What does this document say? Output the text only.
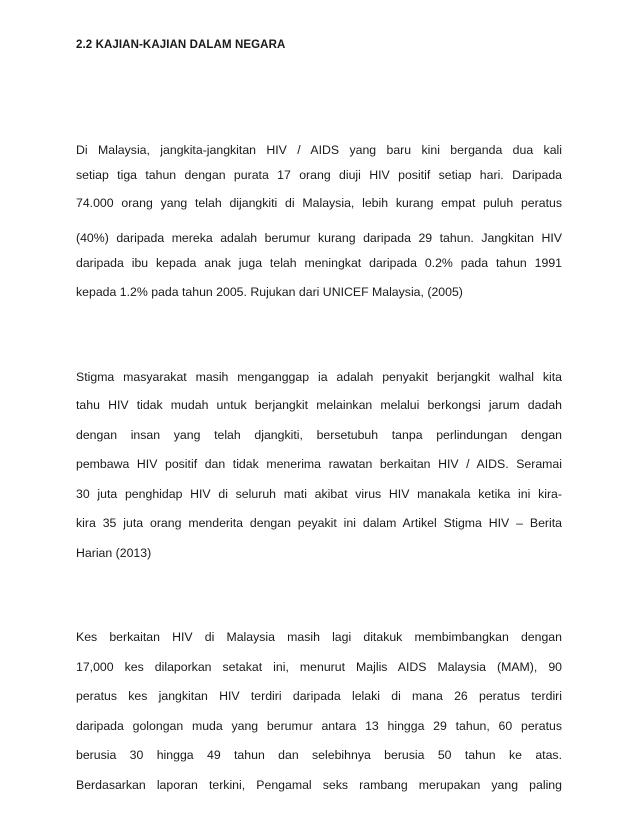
2.2 KAJIAN-KAJIAN DALAM NEGARA
Di Malaysia, jangkita-jangkitan HIV / AIDS yang baru kini berganda dua kali
setiap tiga tahun dengan purata 17 orang diuji HIV positif setiap hari. Daripada
74.000 orang yang telah dijangkiti di Malaysia, lebih kurang empat puluh peratus
(40%) daripada mereka adalah berumur kurang daripada 29 tahun. Jangkitan HIV
daripada ibu kepada anak juga telah meningkat daripada 0.2% pada tahun 1991
kepada 1.2% pada tahun 2005. Rujukan dari UNICEF Malaysia, (2005)
Stigma masyarakat masih menganggap ia adalah penyakit berjangkit walhal kita
tahu HIV tidak mudah untuk berjangkit melainkan melalui berkongsi jarum dadah
dengan insan yang telah djangkiti, bersetubuh tanpa perlindungan dengan
pembawa HIV positif dan tidak menerima rawatan berkaitan HIV / AIDS. Seramai
30 juta penghidap HIV di seluruh mati akibat virus HIV manakala ketika ini kira-
kira 35 juta orang menderita dengan peyakit ini dalam Artikel Stigma HIV – Berita
Harian (2013)
Kes berkaitan HIV di Malaysia masih lagi ditakuk membimbangkan dengan
17,000 kes dilaporkan setakat ini, menurut Majlis AIDS Malaysia (MAM), 90
peratus kes jangkitan HIV terdiri daripada lelaki di mana 26 peratus terdiri
daripada golongan muda yang berumur antara 13 hingga 29 tahun, 60 peratus
berusia 30 hingga 49 tahun dan selebihnya berusia 50 tahun ke atas.
Berdasarkan laporan terkini, Pengamal seks rambang merupakan yang paling
